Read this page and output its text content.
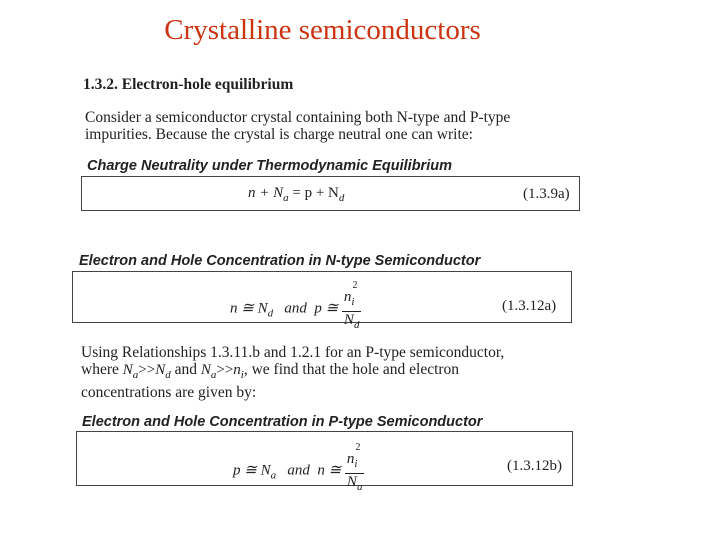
Crystalline semiconductors
1.3.2. Electron-hole equilibrium
Consider a semiconductor crystal containing both N-type and P-type
impurities. Because the crystal is charge neutral one can write:
Charge Neutrality under Thermodynamic Equilibrium
$n + N_a = p + N_d$	(1.3.9a)
Electron and Hole Concentration in N-type Semiconductor
n ≅ $N_d$ and p ≅ $\frac{n_i^2}{N_d}$	(1.3.12a)
Using Relationships 1.3.11.b and 1.2.1 for an P-type semiconductor,
where $N_a>>N_d$ and $N_a>>n_i$, we find that the hole and electron
concentrations are given by:
Electron and Hole Concentration in P-type Semiconductor
p ≅ $N_a$ and n ≅ $\frac{n_i^2}{N_a}$	(1.3.12b)
